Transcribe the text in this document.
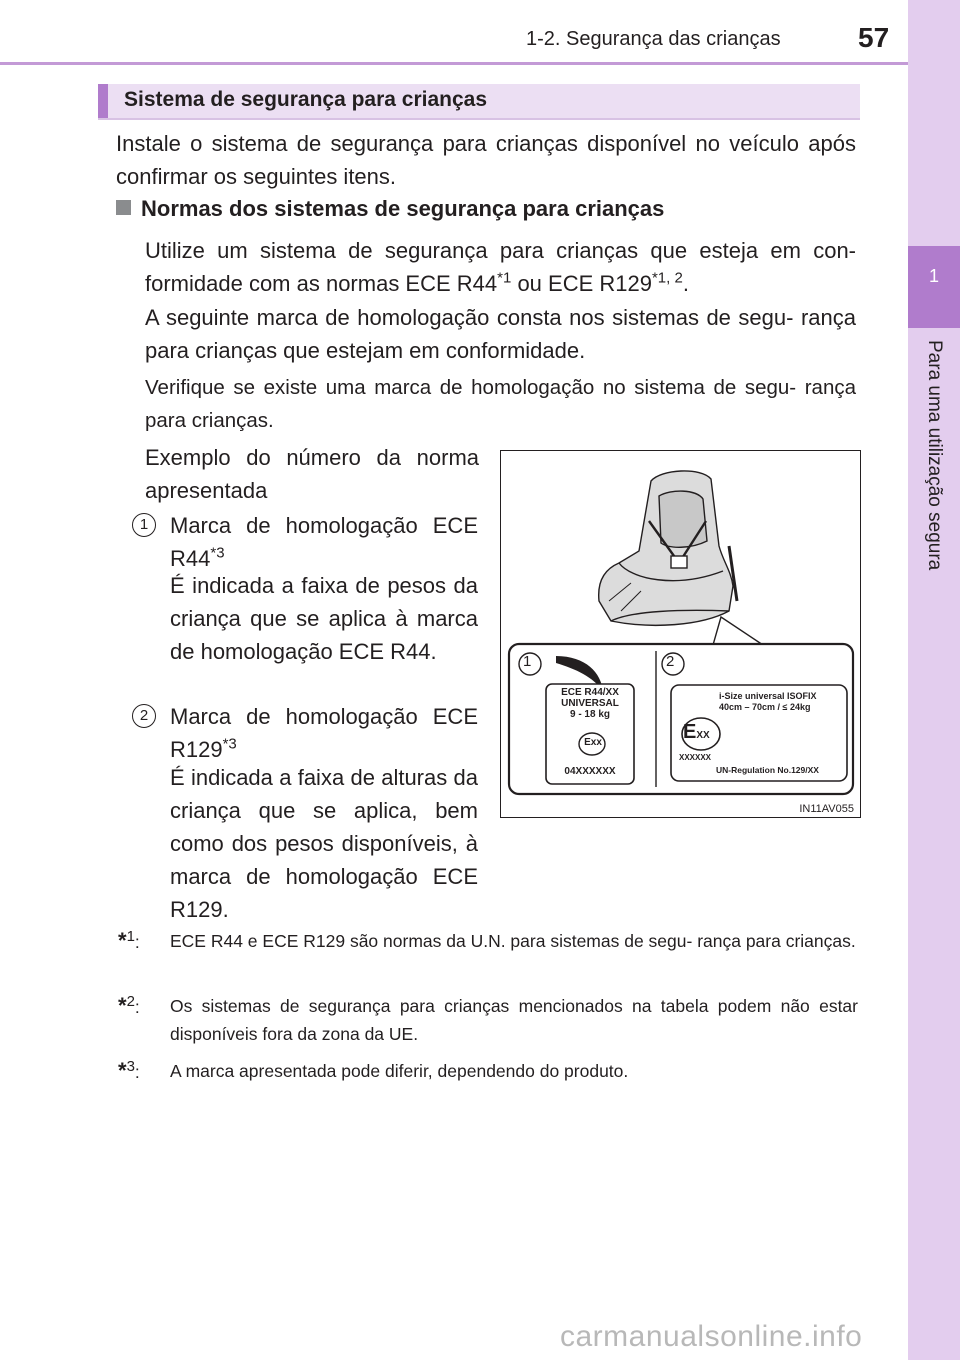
1-2. Segurança das crianças	57
1
Para uma utilização segura
Sistema de segurança para crianças

Instale o sistema de segurança para crianças disponível no veículo após confirmar os seguintes itens.

Normas dos sistemas de segurança para crianças

Utilize um sistema de segurança para crianças que esteja em con- formidade com as normas ECE R44$^{*1}$ ou ECE R129$^{*1, 2}$.

A seguinte marca de homologação consta nos sistemas de segu- rança para crianças que estejam em conformidade.

Verifique se existe uma marca de homologação no sistema de segu- rança para crianças.

Exemplo do número da norma apresentada

1 Marca de homologação ECE R44$^{*3}$

É indicada a faixa de pesos da criança que se aplica à marca de homologação ECE R44.

2 Marca de homologação ECE R129$^{*3}$

É indicada a faixa de alturas da criança que se aplica, bem como dos pesos disponíveis, à marca de homologação ECE R129.

1	2
ECE R44/XX
UNIVERSAL
9 - 18 kg
Exx
04XXXXXX
i-Size universal ISOFIX
40cm – 70cm / ≤ 24kg
EXX
XXXXXX
UN-Regulation No.129/XX
IN11AV055
*$^1$: ECE R44 e ECE R129 são normas da U.N. para sistemas de segu- rança para crianças.
*$^2$: Os sistemas de segurança para crianças mencionados na tabela podem não estar disponíveis fora da zona da UE.
*$^3$: A marca apresentada pode diferir, dependendo do produto.
carmanualsonline.info
